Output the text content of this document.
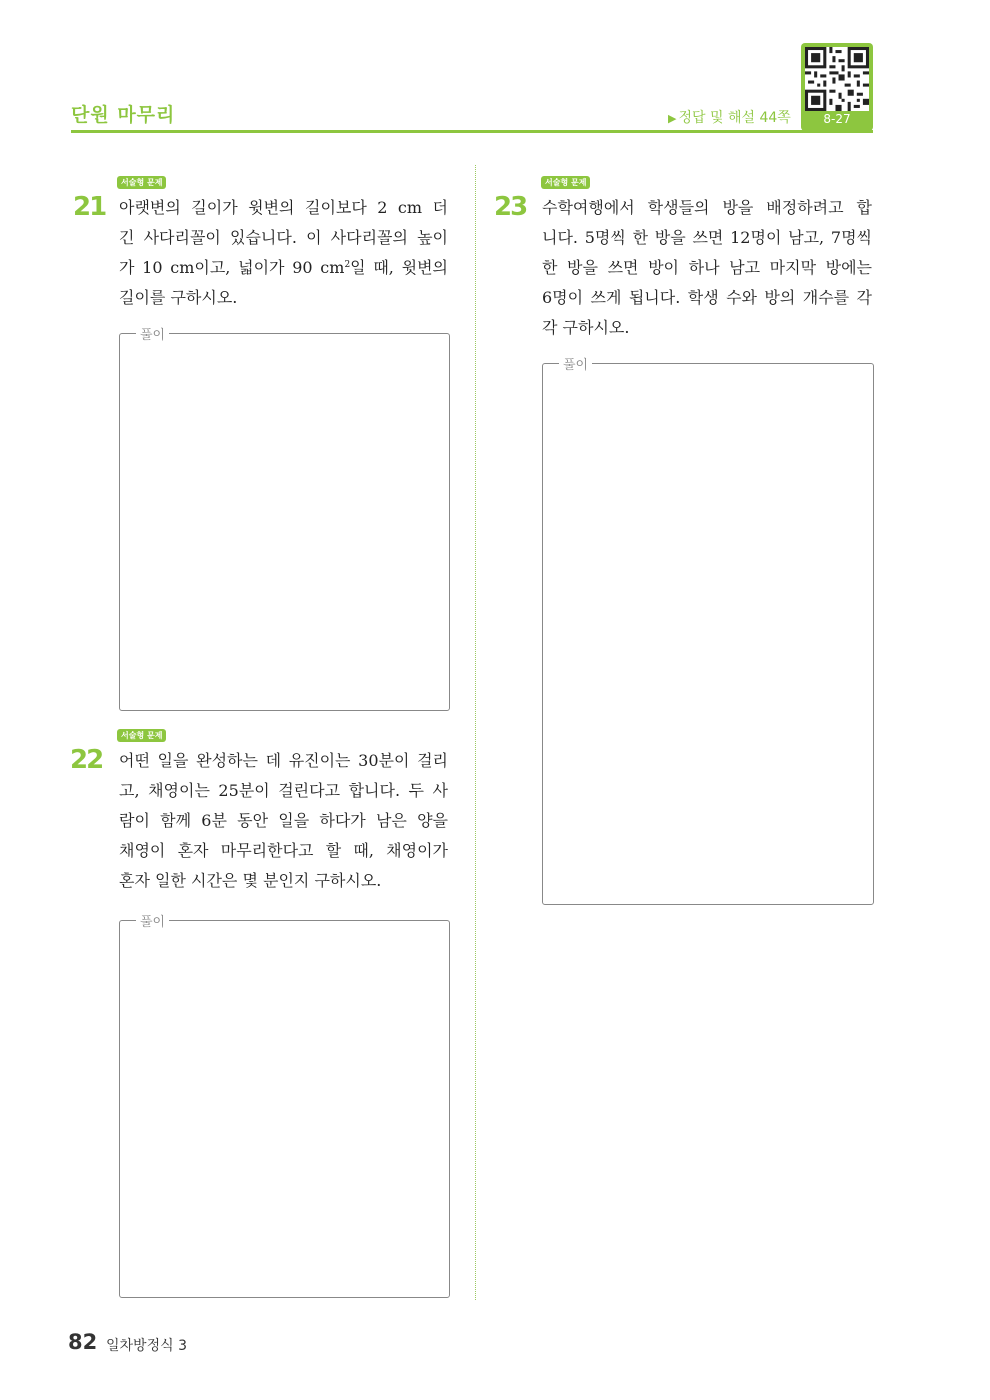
단원 마무리	▶ 정답 및 해설 44쪽	8-27
서술형 문제
21 아랫변의 길이가 윗변의 길이보다 2 cm 더
긴 사다리꼴이 있습니다. 이 사다리꼴의 높이
가 10 cm이고, 넓이가 90 $cm^2$일 때, 윗변의
길이를 구하시오.
풀이
서술형 문제
22 어떤 일을 완성하는 데 유진이는 30분이 걸리
고, 채영이는 25분이 걸린다고 합니다. 두 사
람이 함께 6분 동안 일을 하다가 남은 양을
채영이 혼자 마무리한다고 할 때, 채영이가
혼자 일한 시간은 몇 분인지 구하시오.
풀이
서술형 문제
23 수학여행에서 학생들의 방을 배정하려고 합
니다. 5명씩 한 방을 쓰면 12명이 남고, 7명씩
한 방을 쓰면 방이 하나 남고 마지막 방에는
6명이 쓰게 됩니다. 학생 수와 방의 개수를 각
각 구하시오.
풀이
82 일차방정식 3
